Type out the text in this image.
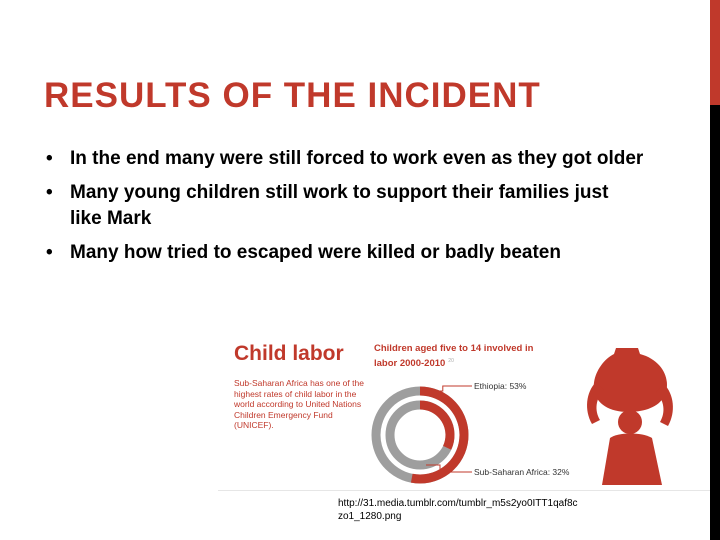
RESULTS OF THE INCIDENT
• In the end many were still forced to work even as they got older
• Many young children still work to support their families just like Mark
• Many how tried to escaped were killed or badly beaten
Child labor

Sub-Saharan Africa has one of the highest rates of child labor in the world according to United Nations Children Emergency Fund (UNICEF).

Children aged five to 14 involved in labor 2000-2010 $^{20}$
Ethiopia: 53%
Sub-Saharan Africa: 32%
http://31.media.tumblr.com/tumblr_m5s2yo0ITT1qaf8czo1_1280.png
